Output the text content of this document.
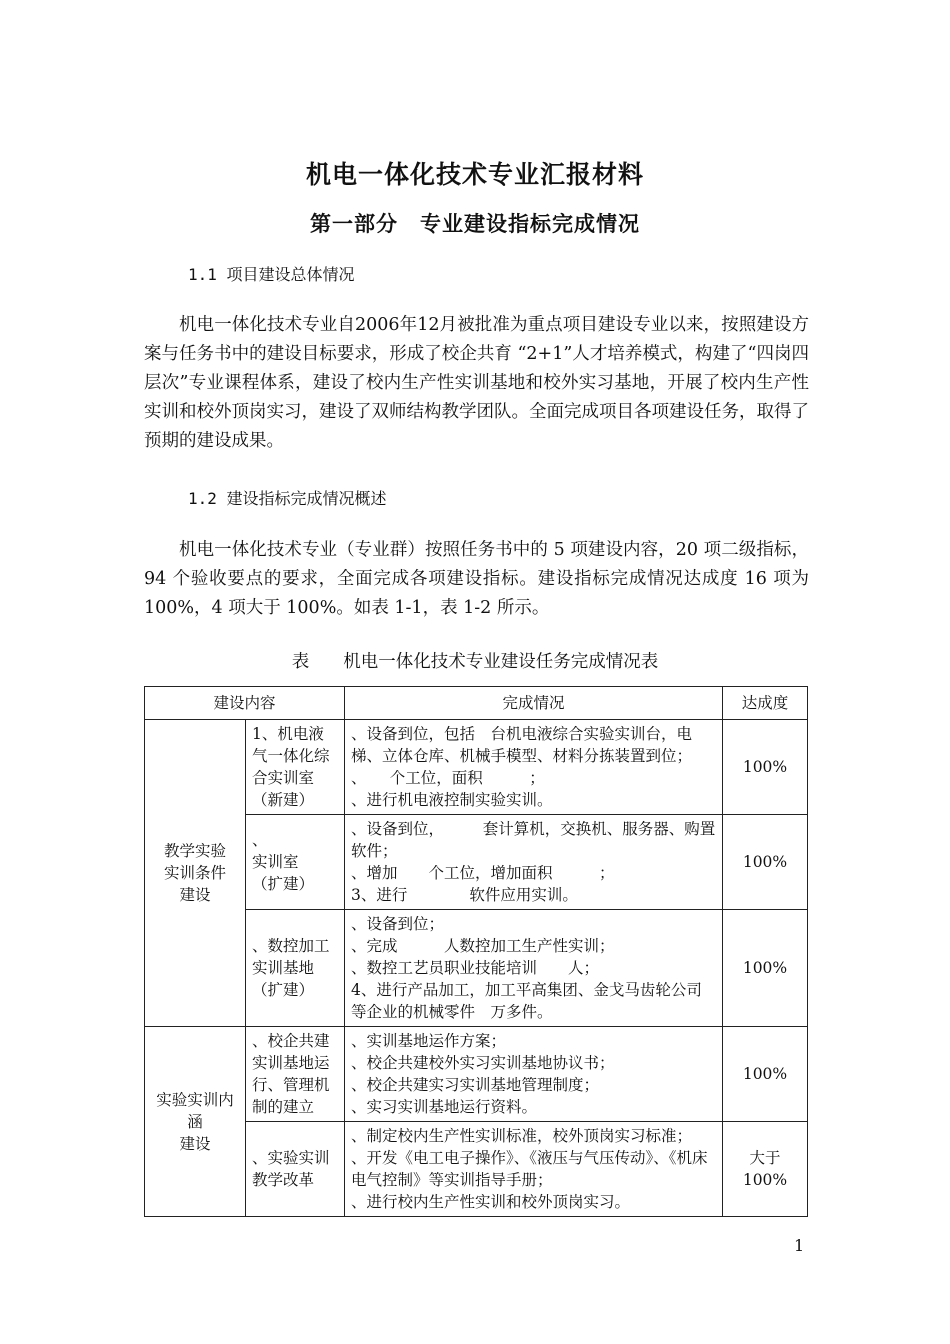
机电一体化技术专业汇报材料
第一部分　专业建设指标完成情况
1.1 项目建设总体情况

机电一体化技术专业自2006年12月被批准为重点项目建设专业以来，按照建设方案与任务书中的建设目标要求，形成了校企共育 “2+1”人才培养模式，构建了“四岗四层次”专业课程体系，建设了校内生产性实训基地和校外实习基地，开展了校内生产性实训和校外顶岗实习，建设了双师结构教学团队。全面完成项目各项建设任务，取得了预期的建设成果。

1.2 建设指标完成情况概述

机电一体化技术专业（专业群）按照任务书中的 5 项建设内容，20 项二级指标，94 个验收要点的要求，全面完成各项建设指标。建设指标完成情况达成度 16 项为 100%，4 项大于 100%。如表 1-1，表 1-2 所示。

表 机电一体化技术专业建设任务完成情况表
建设内容		完成情况	达成度
教学实验实训条件建设	1、机电液
气一体化综
合实训室
（新建）	、设备到位，包括　台机电液综合实验实训台，电梯、立体仓库、机械手模型、材料分拣装置到位；
、　　个工位，面积　　　；
、进行机电液控制实验实训。	100%

	、
实训室
（扩建）	、设备到位，　　　套计算机，交换机、服务器、购置软件；
、增加　　个工位，增加面积　　　；
3、进行　　　　软件应用实训。	100%

	、数控加工
实训基地
（扩建）	、设备到位；
、完成　　　人数控加工生产性实训；
、数控工艺员职业技能培训　　人；
4、进行产品加工，加工平高集团、金戈马齿轮公司等企业的机械零件　万多件。	100%

实验实训内
涵
建设	、校企共建
实训基地运
行、管理机
制的建立	、实训基地运作方案；
、校企共建校外实习实训基地协议书；
、校企共建实习实训基地管理制度；
、实习实训基地运行资料。	100%

	、实验实训
教学改革	、制定校内生产性实训标准，校外顶岗实习标准；
、开发《电工电子操作》、《液压与气压传动》、《机床电气控制》等实训指导手册；
、进行校内生产性实训和校外顶岗实习。	大于
100%
1
